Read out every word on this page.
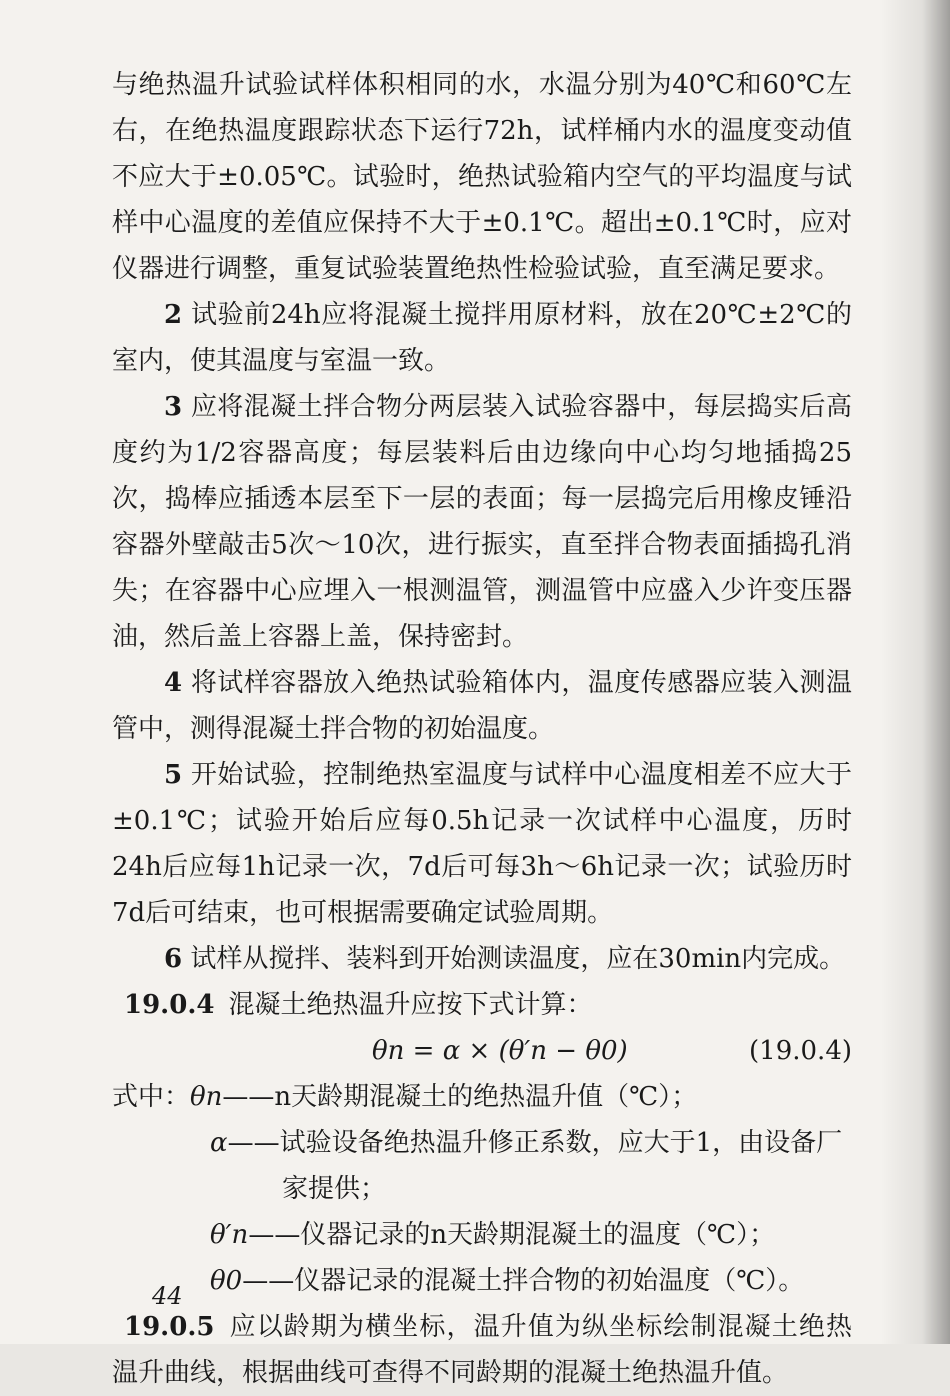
与绝热温升试验试样体积相同的水，水温分别为40℃和60℃左右，在绝热温度跟踪状态下运行72h，试样桶内水的温度变动值不应大于±0.05℃。试验时，绝热试验箱内空气的平均温度与试样中心温度的差值应保持不大于±0.1℃。超出±0.1℃时，应对仪器进行调整，重复试验装置绝热性检验试验，直至满足要求。

2 试验前24h应将混凝土搅拌用原材料，放在20℃±2℃的室内，使其温度与室温一致。

3 应将混凝土拌合物分两层装入试验容器中，每层捣实后高度约为1/2容器高度；每层装料后由边缘向中心均匀地插捣25次，捣棒应插透本层至下一层的表面；每一层捣完后用橡皮锤沿容器外壁敲击5次～10次，进行振实，直至拌合物表面插捣孔消失；在容器中心应埋入一根测温管，测温管中应盛入少许变压器油，然后盖上容器上盖，保持密封。

4 将试样容器放入绝热试验箱体内，温度传感器应装入测温管中，测得混凝土拌合物的初始温度。

5 开始试验，控制绝热室温度与试样中心温度相差不应大于±0.1℃；试验开始后应每0.5h记录一次试样中心温度，历时24h后应每1h记录一次，7d后可每3h～6h记录一次；试验历时7d后可结束，也可根据需要确定试验周期。

6 试样从搅拌、装料到开始测读温度，应在30min内完成。

19.0.4 混凝土绝热温升应按下式计算：

θn = α × (θ′n − θ0)	(19.0.4)
式中：θn——n天龄期混凝土的绝热温升值（℃）；
α——试验设备绝热温升修正系数，应大于1，由设备厂
家提供；
θ′n——仪器记录的n天龄期混凝土的温度（℃）；
θ0——仪器记录的混凝土拌合物的初始温度（℃）。

19.0.5 应以龄期为横坐标，温升值为纵坐标绘制混凝土绝热温升曲线，根据曲线可查得不同龄期的混凝土绝热温升值。

44
